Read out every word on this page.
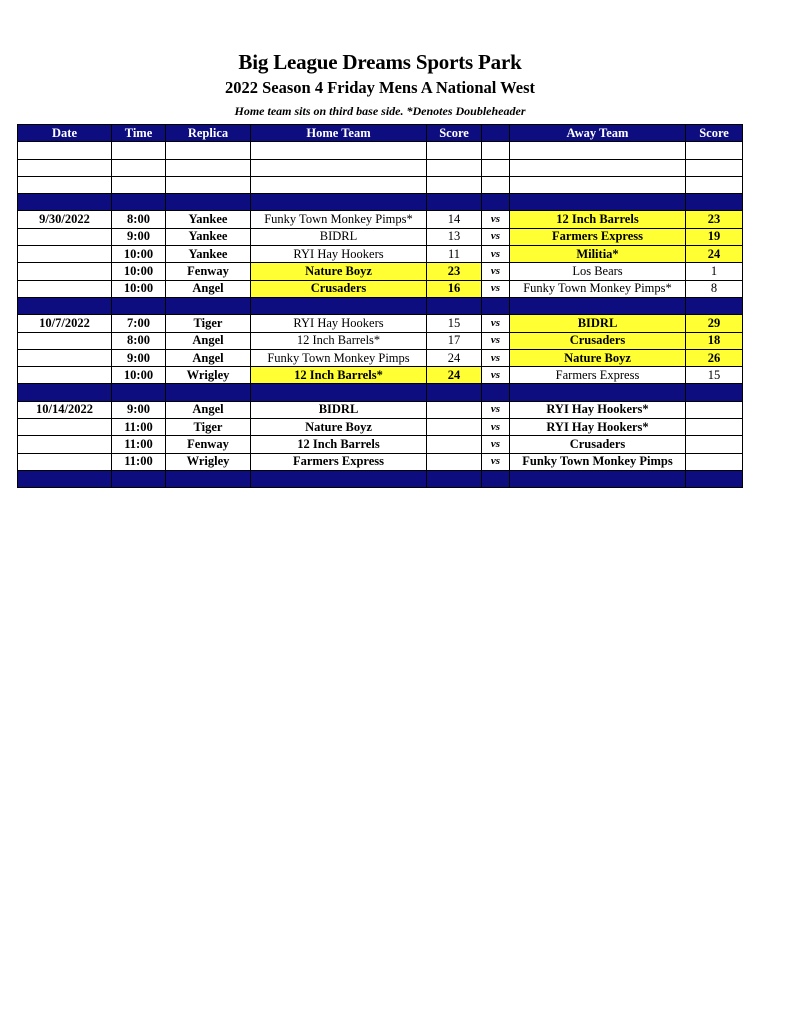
Big League Dreams Sports Park
2022 Season 4 Friday Mens A National West
Home team sits on third base side. *Denotes Doubleheader
Date	Time	Replica	Home Team	Score		Away Team	Score

9/30/2022	8:00	Yankee	Funky Town Monkey Pimps*	14	vs	12 Inch Barrels	23
	9:00	Yankee	BIDRL	13	vs	Farmers Express	19
	10:00	Yankee	RYI Hay Hookers	11	vs	Militia*	24
	10:00	Fenway	Nature Boyz	23	vs	Los Bears	1
	10:00	Angel	Crusaders	16	vs	Funky Town Monkey Pimps*	8

10/7/2022	7:00	Tiger	RYI Hay Hookers	15	vs	BIDRL	29
	8:00	Angel	12 Inch Barrels*	17	vs	Crusaders	18
	9:00	Angel	Funky Town Monkey Pimps	24	vs	Nature Boyz	26
	10:00	Wrigley	12 Inch Barrels*	24	vs	Farmers Express	15

10/14/2022	9:00	Angel	BIDRL		vs	RYI Hay Hookers*	
	11:00	Tiger	Nature Boyz		vs	RYI Hay Hookers*	
	11:00	Fenway	12 Inch Barrels		vs	Crusaders	
	11:00	Wrigley	Farmers Express		vs	Funky Town Monkey Pimps	
